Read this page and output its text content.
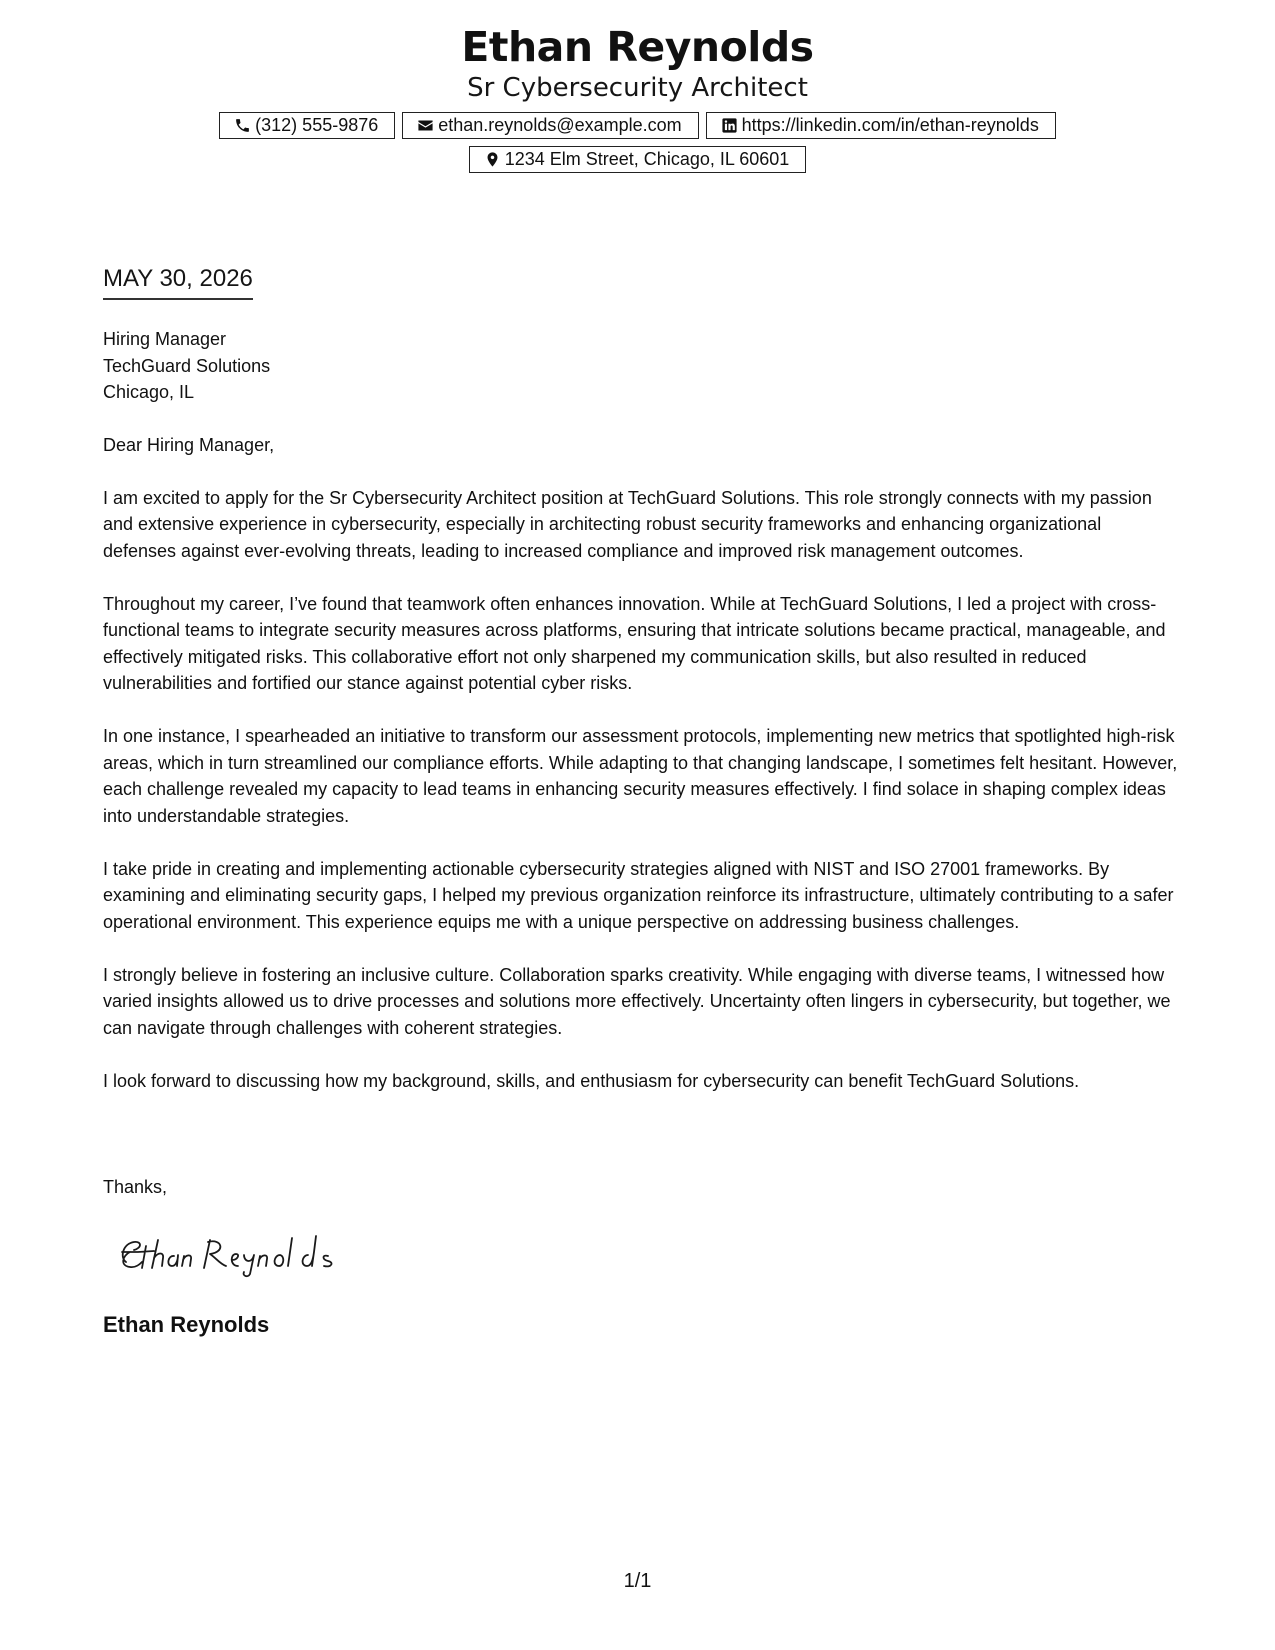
Ethan Reynolds

Sr Cybersecurity Architect

(312) 555-9876	ethan.reynolds@example.com	https://linkedin.com/in/ethan-reynolds
1234 Elm Street, Chicago, IL 60601
MAY 30, 2026

Hiring Manager

TechGuard Solutions

Chicago, IL

Dear Hiring Manager,

I am excited to apply for the Sr Cybersecurity Architect position at TechGuard Solutions. This role strongly connects with my passion and extensive experience in cybersecurity, especially in architecting robust security frameworks and enhancing organizational defenses against ever-evolving threats, leading to increased compliance and improved risk management outcomes.

Throughout my career, I’ve found that teamwork often enhances innovation. While at TechGuard Solutions, I led a project with cross-functional teams to integrate security measures across platforms, ensuring that intricate solutions became practical, manageable, and effectively mitigated risks. This collaborative effort not only sharpened my communication skills, but also resulted in reduced vulnerabilities and fortified our stance against potential cyber risks.

In one instance, I spearheaded an initiative to transform our assessment protocols, implementing new metrics that spotlighted high-risk areas, which in turn streamlined our compliance efforts. While adapting to that changing landscape, I sometimes felt hesitant. However, each challenge revealed my capacity to lead teams in enhancing security measures effectively. I find solace in shaping complex ideas into understandable strategies.

I take pride in creating and implementing actionable cybersecurity strategies aligned with NIST and ISO 27001 frameworks. By examining and eliminating security gaps, I helped my previous organization reinforce its infrastructure, ultimately contributing to a safer operational environment. This experience equips me with a unique perspective on addressing business challenges.

I strongly believe in fostering an inclusive culture. Collaboration sparks creativity. While engaging with diverse teams, I witnessed how varied insights allowed us to drive processes and solutions more effectively. Uncertainty often lingers in cybersecurity, but together, we can navigate through challenges with coherent strategies.

I look forward to discussing how my background, skills, and enthusiasm for cybersecurity can benefit TechGuard Solutions.

Thanks,
Ethan Reynolds
1/1
